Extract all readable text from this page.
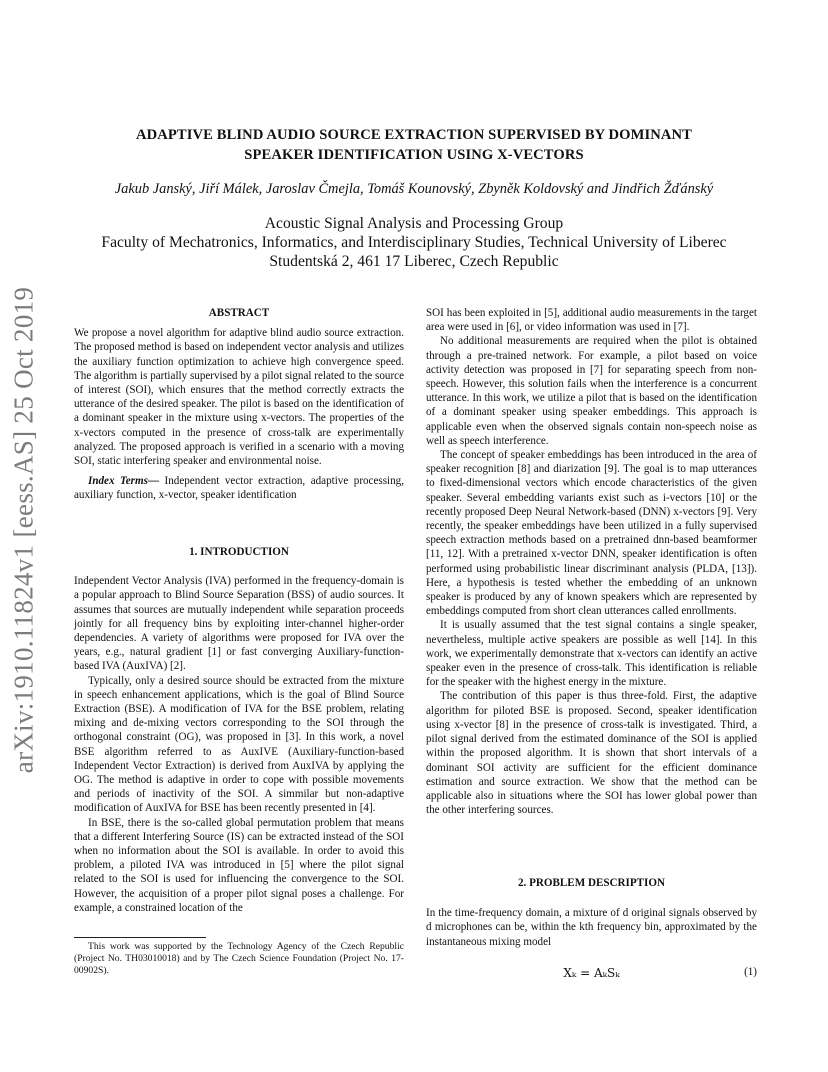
arXiv:1910.11824v1 [eess.AS] 25 Oct 2019
ADAPTIVE BLIND AUDIO SOURCE EXTRACTION SUPERVISED BY DOMINANT
SPEAKER IDENTIFICATION USING X-VECTORS
Jakub Janský, Jiří Málek, Jaroslav Čmejla, Tomáš Kounovský, Zbyněk Koldovský and Jindřich Žďánský
Acoustic Signal Analysis and Processing Group
Faculty of Mechatronics, Informatics, and Interdisciplinary Studies, Technical University of Liberec
Studentská 2, 461 17 Liberec, Czech Republic
ABSTRACT

We propose a novel algorithm for adaptive blind audio source extraction. The proposed method is based on independent vector analysis and utilizes the auxiliary function optimization to achieve high convergence speed. The algorithm is partially supervised by a pilot signal related to the source of interest (SOI), which ensures that the method correctly extracts the utterance of the desired speaker. The pilot is based on the identification of a dominant speaker in the mixture using x-vectors. The properties of the x-vectors computed in the presence of cross-talk are experimentally analyzed. The proposed approach is verified in a scenario with a moving SOI, static interfering speaker and environmental noise.

Index Terms— Independent vector extraction, adaptive processing, auxiliary function, x-vector, speaker identification

1. INTRODUCTION

Independent Vector Analysis (IVA) performed in the frequency-domain is a popular approach to Blind Source Separation (BSS) of audio sources. It assumes that sources are mutually independent while separation proceeds jointly for all frequency bins by exploiting inter-channel higher-order dependencies. A variety of algorithms were proposed for IVA over the years, e.g., natural gradient [1] or fast converging Auxiliary-function-based IVA (AuxIVA) [2].

Typically, only a desired source should be extracted from the mixture in speech enhancement applications, which is the goal of Blind Source Extraction (BSE). A modification of IVA for the BSE problem, relating mixing and de-mixing vectors corresponding to the SOI through the orthogonal constraint (OG), was proposed in [3]. In this work, a novel BSE algorithm referred to as AuxIVE (Auxiliary-function-based Independent Vector Extraction) is derived from AuxIVA by applying the OG. The method is adaptive in order to cope with possible movements and periods of inactivity of the SOI. A simmilar but non-adaptive modification of AuxIVA for BSE has been recently presented in [4].

In BSE, there is the so-called global permutation problem that means that a different Interfering Source (IS) can be extracted instead of the SOI when no information about the SOI is available. In order to avoid this problem, a piloted IVA was introduced in [5] where the pilot signal related to the SOI is used for influencing the convergence to the SOI. However, the acquisition of a proper pilot signal poses a challenge. For example, a constrained location of the

This work was supported by the Technology Agency of the Czech Republic (Project No. TH03010018) and by The Czech Science Foundation (Project No. 17-00902S).

SOI has been exploited in [5], additional audio measurements in the target area were used in [6], or video information was used in [7].

No additional measurements are required when the pilot is obtained through a pre-trained network. For example, a pilot based on voice activity detection was proposed in [7] for separating speech from non-speech. However, this solution fails when the interference is a concurrent utterance. In this work, we utilize a pilot that is based on the identification of a dominant speaker using speaker embeddings. This approach is applicable even when the observed signals contain non-speech noise as well as speech interference.

The concept of speaker embeddings has been introduced in the area of speaker recognition [8] and diarization [9]. The goal is to map utterances to fixed-dimensional vectors which encode characteristics of the given speaker. Several embedding variants exist such as i-vectors [10] or the recently proposed Deep Neural Network-based (DNN) x-vectors [9]. Very recently, the speaker embeddings have been utilized in a fully supervised speech extraction methods based on a pretrained dnn-based beamformer [11, 12]. With a pretrained x-vector DNN, speaker identification is often performed using probabilistic linear discriminant analysis (PLDA, [13]). Here, a hypothesis is tested whether the embedding of an unknown speaker is produced by any of known speakers which are represented by embeddings computed from short clean utterances called enrollments.

It is usually assumed that the test signal contains a single speaker, nevertheless, multiple active speakers are possible as well [14]. In this work, we experimentally demonstrate that x-vectors can identify an active speaker even in the presence of cross-talk. This identification is reliable for the speaker with the highest energy in the mixture.

The contribution of this paper is thus three-fold. First, the adaptive algorithm for piloted BSE is proposed. Second, speaker identification using x-vector [8] in the presence of cross-talk is investigated. Third, a pilot signal derived from the estimated dominance of the SOI is applied within the proposed algorithm. It is shown that short intervals of a dominant SOI activity are sufficient for the efficient dominance estimation and source extraction. We show that the method can be applicable also in situations where the SOI has lower global power than the other interfering sources.

2. PROBLEM DESCRIPTION

In the time-frequency domain, a mixture of d original signals observed by d microphones can be, within the kth frequency bin, approximated by the instantaneous mixing model

Xₖ = AₖSₖ	(1)
